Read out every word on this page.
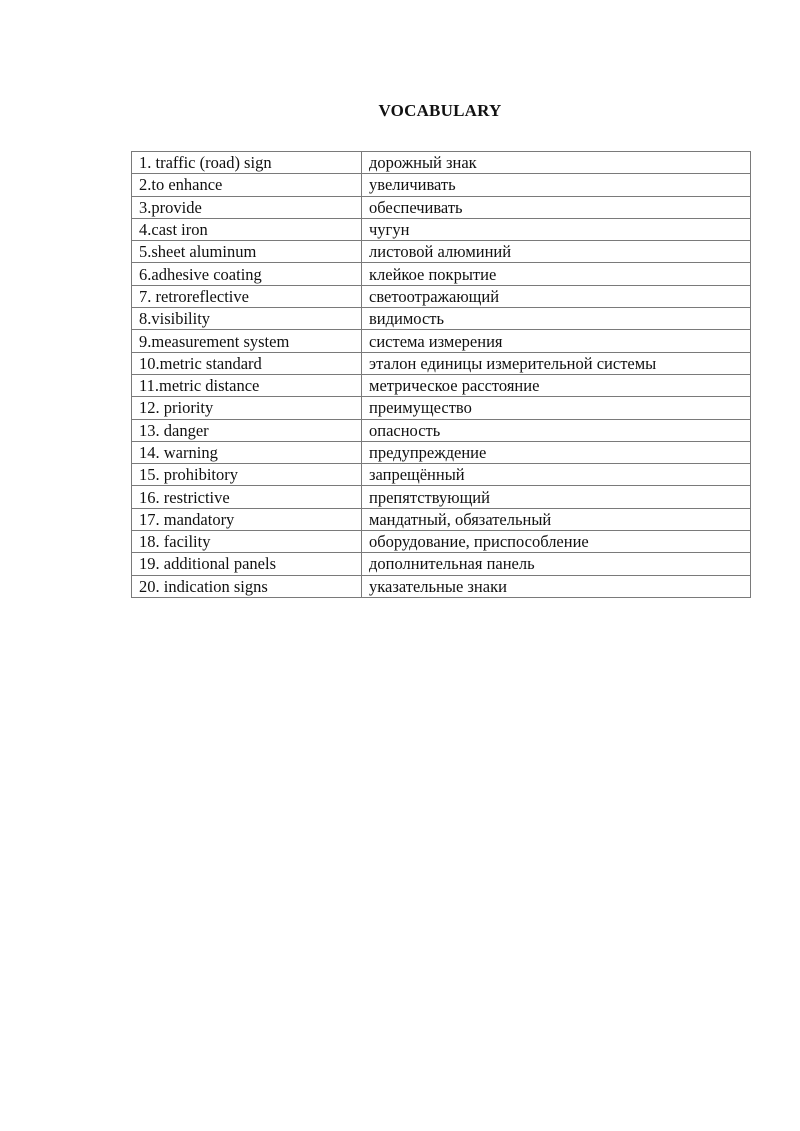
VOCABULARY
1. traffic (road) sign	дорожный знак
2.to enhance	увеличивать
3.provide	обеспечивать
4.cast iron	чугун
5.sheet aluminum	листовой алюминий
6.adhesive coating	клейкое покрытие
7. retroreflective	светоотражающий
8.visibility	видимость
9.measurement system	система измерения
10.metric standard	эталон единицы измерительной системы
11.metric distance	метрическое расстояние
12. priority	преимущество
13. danger	опасность
14. warning	предупреждение
15. prohibitory	запрещённый
16. restrictive	препятствующий
17. mandatory	мандатный, обязательный
18. facility	оборудование, приспособление
19. additional panels	дополнительная панель
20. indication signs	указательные знаки
